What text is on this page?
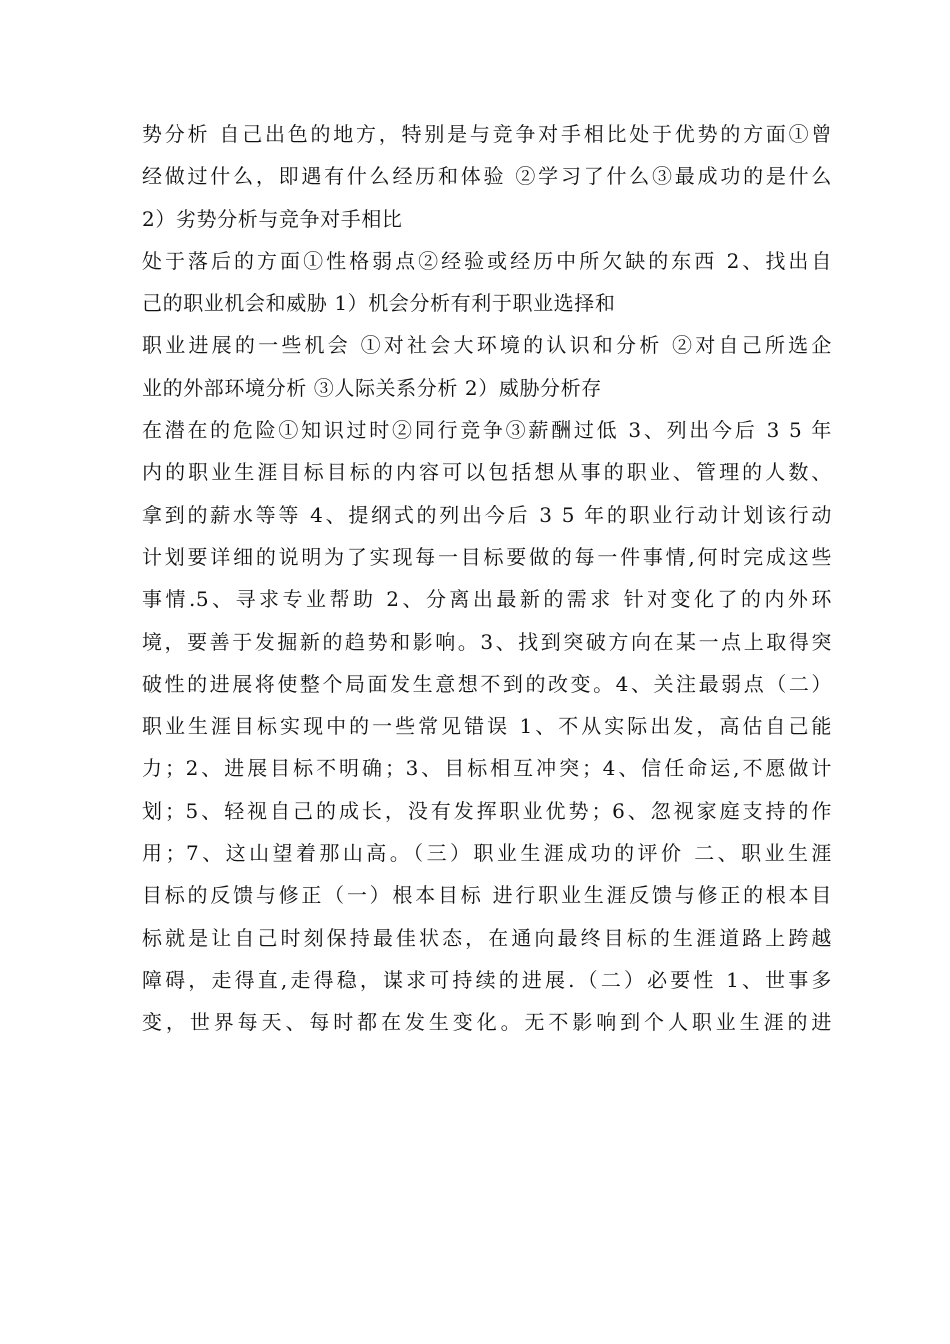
势分析 自己出色的地方，特别是与竞争对手相比处于优势的方面①曾
经做过什么，即遇有什么经历和体验 ②学习了什么③最成功的是什么
2）劣势分析与竞争对手相比
处于落后的方面①性格弱点②经验或经历中所欠缺的东西 2、找出自
己的职业机会和威胁 1）机会分析有利于职业选择和
职业进展的一些机会 ①对社会大环境的认识和分析 ②对自己所选企
业的外部环境分析 ③人际关系分析 2）威胁分析存
在潜在的危险①知识过时②同行竞争③薪酬过低 3、列出今后 3 5 年
内的职业生涯目标目标的内容可以包括想从事的职业、管理的人数、
拿到的薪水等等 4、提纲式的列出今后 3 5 年的职业行动计划该行动
计划要详细的说明为了实现每一目标要做的每一件事情,何时完成这些
事情.5、寻求专业帮助 2、分离出最新的需求 针对变化了的内外环
境，要善于发掘新的趋势和影响。3、找到突破方向在某一点上取得突
破性的进展将使整个局面发生意想不到的改变。4、关注最弱点（二）
职业生涯目标实现中的一些常见错误 1、不从实际出发，高估自己能
力；2、进展目标不明确；3、目标相互冲突；4、信任命运,不愿做计
划；5、轻视自己的成长，没有发挥职业优势；6、忽视家庭支持的作
用；7、这山望着那山高。（三）职业生涯成功的评价 二、职业生涯
目标的反馈与修正（一）根本目标 进行职业生涯反馈与修正的根本目
标就是让自己时刻保持最佳状态，在通向最终目标的生涯道路上跨越
障碍，走得直,走得稳，谋求可持续的进展.（二）必要性 1、世事多
变，世界每天、每时都在发生变化。无不影响到个人职业生涯的进
